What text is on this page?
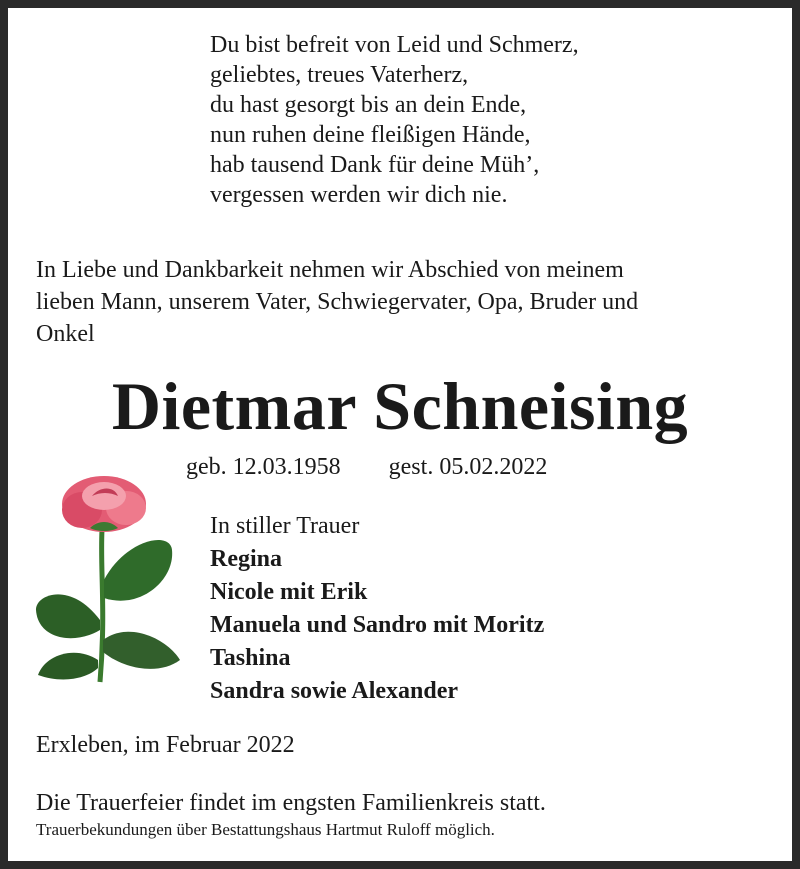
Du bist befreit von Leid und Schmerz,
geliebtes, treues Vaterherz,
du hast gesorgt bis an dein Ende,
nun ruhen deine fleißigen Hände,
hab tausend Dank für deine Müh’,
vergessen werden wir dich nie.
In Liebe und Dankbarkeit nehmen wir Abschied von meinem
lieben Mann, unserem Vater, Schwiegervater, Opa, Bruder und
Onkel
Dietmar Schneising
geb. 12.03.1958 gest. 05.02.2022
In stiller Trauer
Regina
Nicole mit Erik
Manuela und Sandro mit Moritz
Tashina
Sandra sowie Alexander
Erxleben, im Februar 2022
Die Trauerfeier findet im engsten Familienkreis statt.
Trauerbekundungen über Bestattungshaus Hartmut Ruloff möglich.
